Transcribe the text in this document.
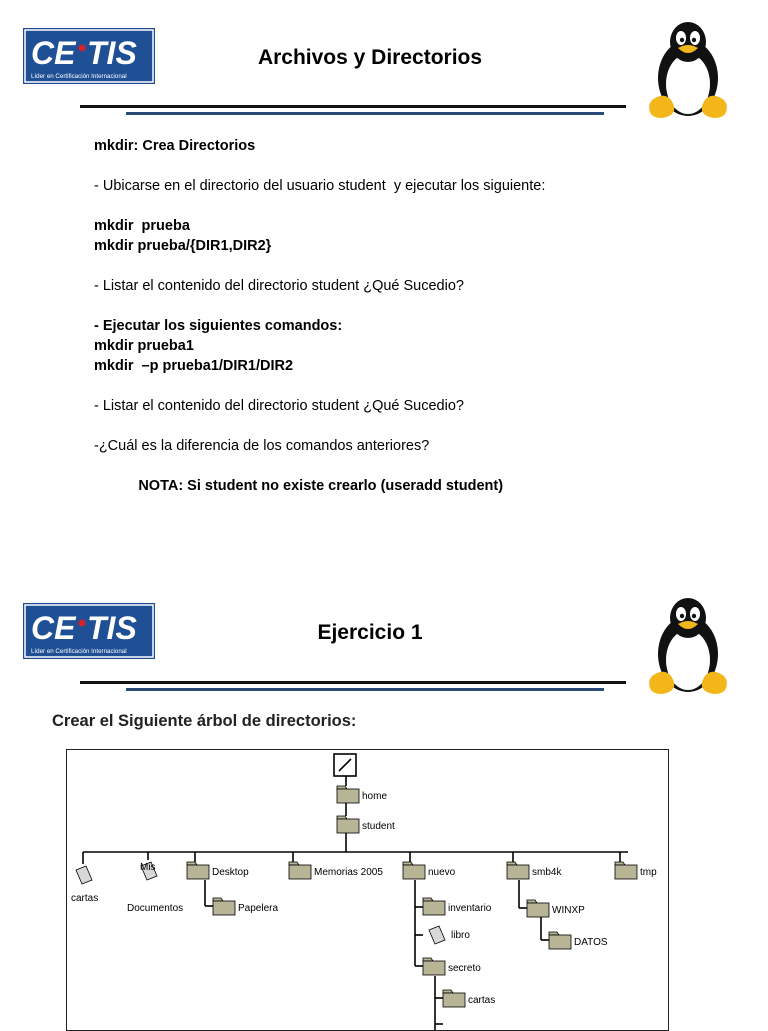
CE TIS
Líder en Certificación Internacional
Archivos y Directorios
mkdir: Crea Directorios

- Ubicarse en el directorio del usuario student  y ejecutar los siguiente:

mkdir  prueba
mkdir prueba/{DIR1,DIR2}

- Listar el contenido del directorio student ¿Qué Sucedio?

- Ejecutar los siguientes comandos:
mkdir prueba1
mkdir  –p prueba1/DIR1/DIR2

- Listar el contenido del directorio student ¿Qué Sucedio?

-¿Cuál es la diferencia de los comandos anteriores?

NOTA: Si student no existe crearlo (useradd student)
CE TIS
Líder en Certificación Internacional
Ejercicio 1
Crear el Siguiente árbol de directorios:
home
student
cartas
Mis
Documentos
Desktop
Papelera
Memorias 2005	nuevo
inventario
libro
secreto
cartas
smb4k
WINXP
DATOS
tmp
